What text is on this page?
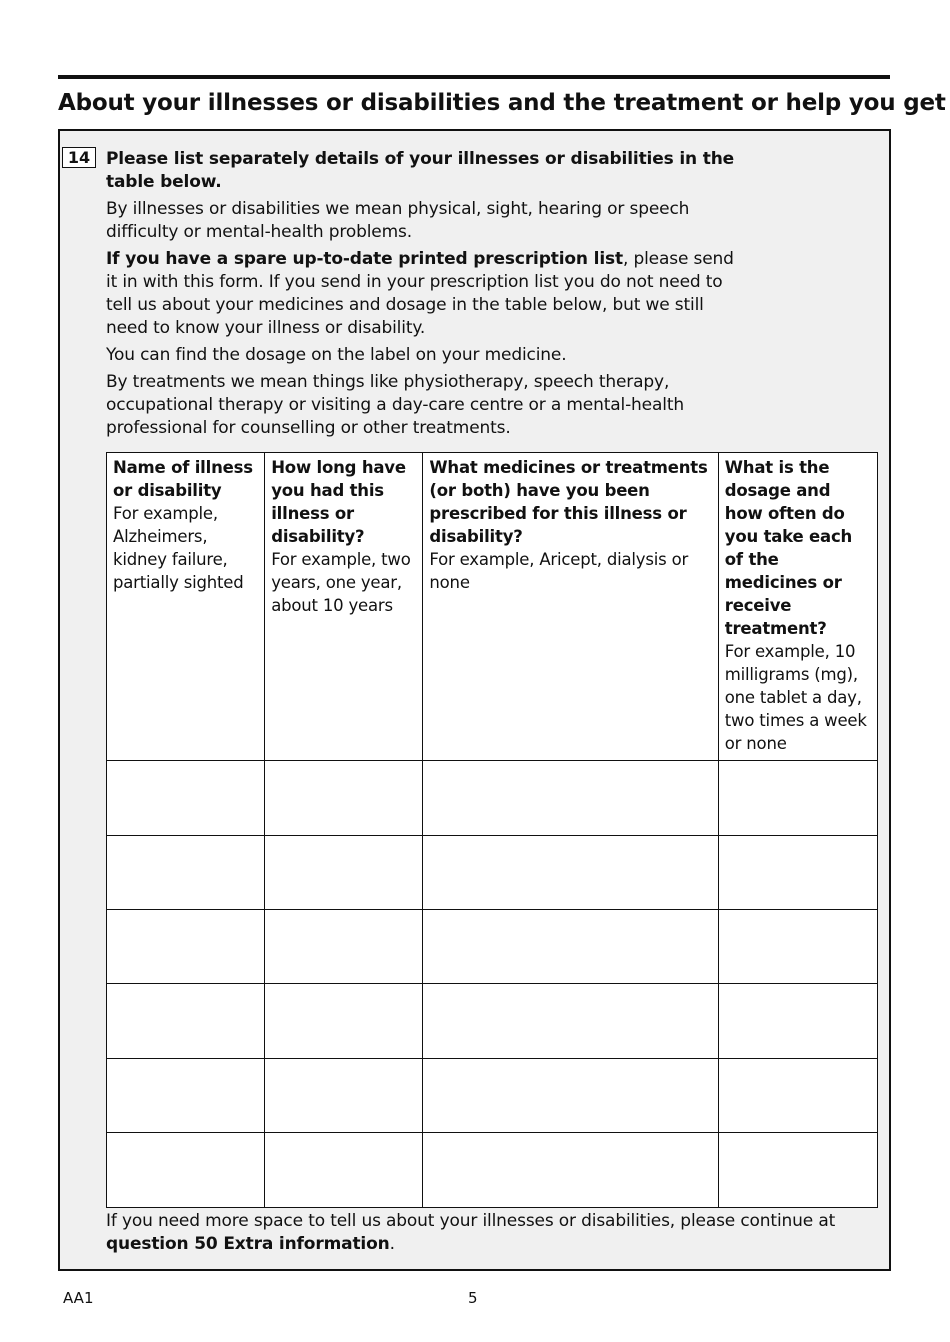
About your illnesses or disabilities and the treatment or help you get
14 Please list separately details of your illnesses or disabilities in the
table below.

By illnesses or disabilities we mean physical, sight, hearing or speech difficulty or mental-health problems.

If you have a spare up-to-date printed prescription list, please send it in with this form. If you send in your prescription list you do not need to tell us about your medicines and dosage in the table below, but we still need to know your illness or disability.

You can find the dosage on the label on your medicine.

By treatments we mean things like physiotherapy, speech therapy, occupational therapy or visiting a day-care centre or a mental-health professional for counselling or other treatments.

Name of illness or disability
For example, Alzheimers, kidney failure, partially sighted	How long have you had this illness or disability?
For example, two years, one year, about 10 years	What medicines or treatments (or both) have you been prescribed for this illness or disability?
For example, Aricept, dialysis or none	What is the dosage and how often do you take each of the medicines or receive treatment?
For example, 10 milligrams (mg), one tablet a day, two times a week or none

If you need more space to tell us about your illnesses or disabilities, please continue at question 50 Extra information.

AA1	5
